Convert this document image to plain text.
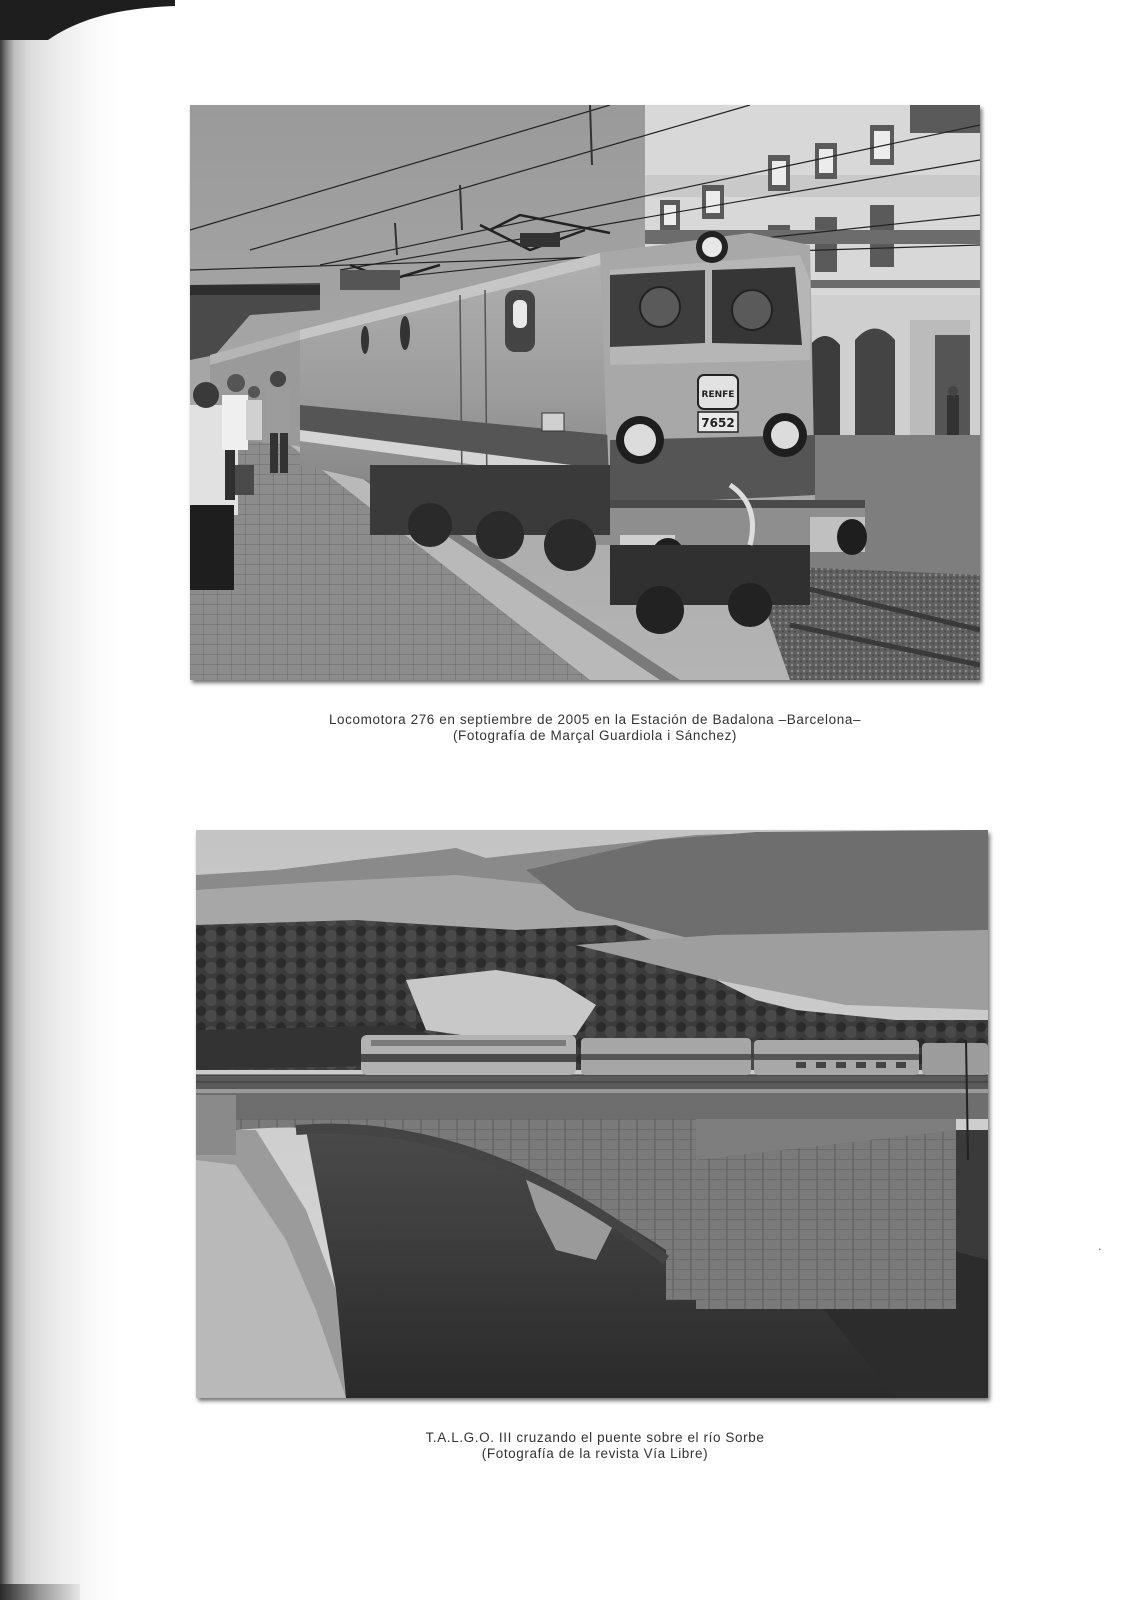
RENFE
7652
Locomotora 276 en septiembre de 2005 en la Estación de Badalona –Barcelona–
(Fotografía de Marçal Guardiola i Sánchez)
T.A.L.G.O. III cruzando el puente sobre el río Sorbe
(Fotografía de la revista Vía Libre)
.
